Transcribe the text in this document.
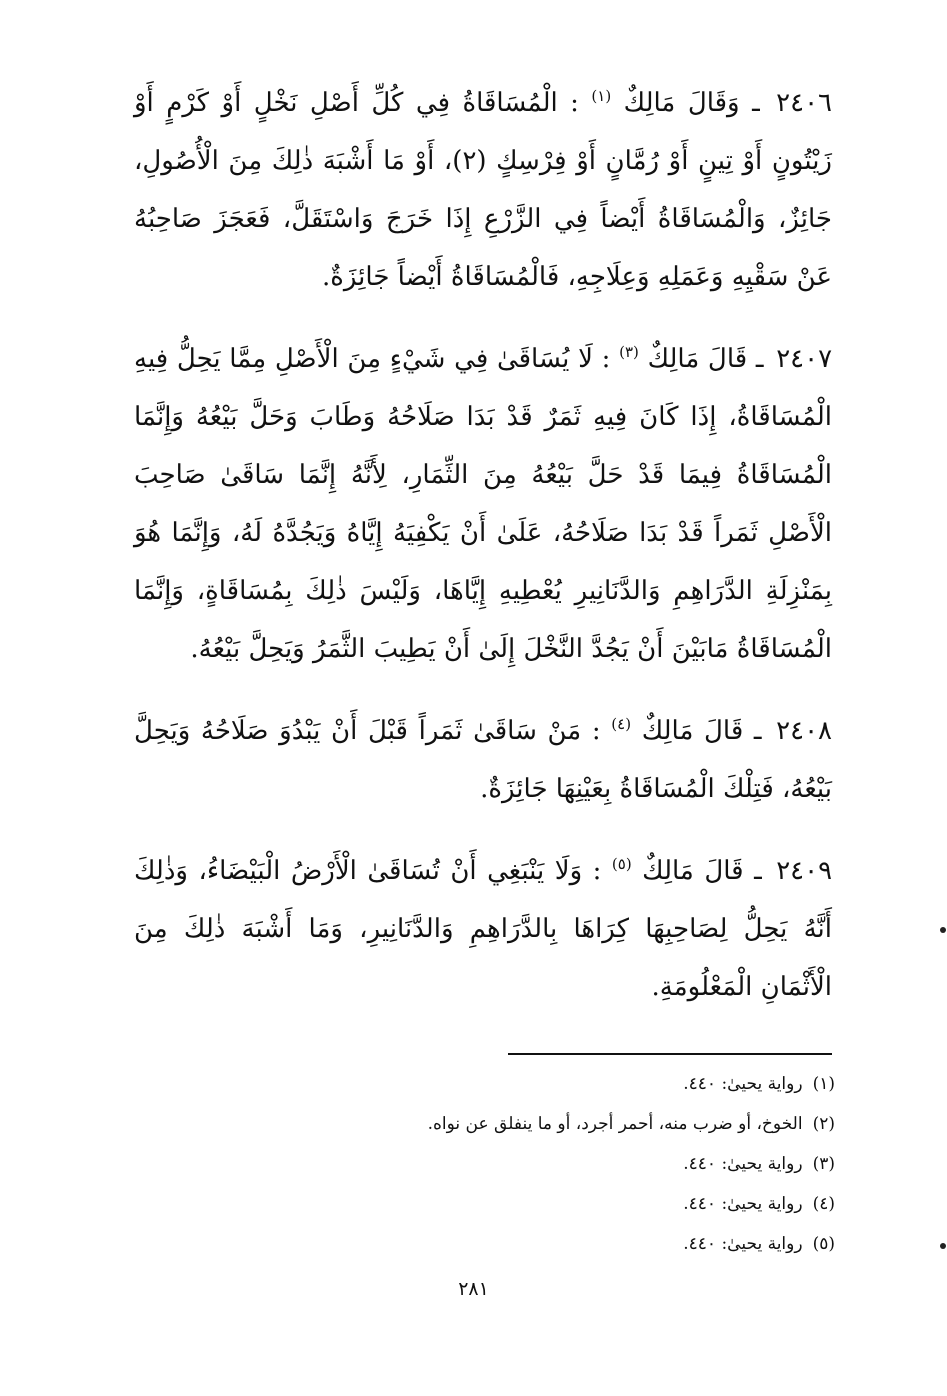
٢٤٠٦ ـ وَقَالَ مَالِكٌ $^{(١)}$ : الْمُسَاقَاةُ فِي كُلِّ أَصْلِ نَخْلٍ أَوْ كَرْمٍ أَوْ زَيْتُونٍ أَوْ تِينٍ أَوْ رُمَّانٍ أَوْ فِرْسِكٍ (٢)، أَوْ مَا أَشْبَهَ ذٰلِكَ مِنَ الْأُصُولِ، جَائِزٌ، وَالْمُسَاقَاةُ أَيْضاً فِي الزَّرْعِ إِذَا خَرَجَ وَاسْتَقَلَّ، فَعَجَزَ صَاحِبُهُ عَنْ سَقْيِهِ وَعَمَلِهِ وَعِلَاجِهِ، فَالْمُسَاقَاةُ أَيْضاً جَائِزَةٌ.

٢٤٠٧ ـ قَالَ مَالِكٌ $^{(٣)}$ : لَا يُسَاقَىٰ فِي شَيْءٍ مِنَ الْأَصْلِ مِمَّا يَحِلُّ فِيهِ الْمُسَاقَاةُ، إِذَا كَانَ فِيهِ ثَمَرٌ قَدْ بَدَا صَلَاحُهُ وَطَابَ وَحَلَّ بَيْعُهُ وَإِنَّمَا الْمُسَاقَاةُ فِيمَا قَدْ حَلَّ بَيْعُهُ مِنَ الثِّمَارِ، لِأَنَّهُ إِنَّمَا سَاقَىٰ صَاحِبَ الْأَصْلِ ثَمَراً قَدْ بَدَا صَلَاحُهُ، عَلَىٰ أَنْ يَكْفِيَهُ إِيَّاهُ وَيَجُدَّهُ لَهُ، وَإِنَّمَا هُوَ بِمَنْزِلَةِ الدَّرَاهِمِ وَالدَّنَانِيرِ يُعْطِيهِ إِيَّاهَا، وَلَيْسَ ذٰلِكَ بِمُسَاقَاةٍ، وَإِنَّمَا الْمُسَاقَاةُ مَابَيْنَ أَنْ يَجُدَّ النَّخْلَ إِلَىٰ أَنْ يَطِيبَ الثَّمَرُ وَيَحِلَّ بَيْعُهُ.

٢٤٠٨ ـ قَالَ مَالِكٌ $^{(٤)}$ : مَنْ سَاقَىٰ ثَمَراً قَبْلَ أَنْ يَبْدُوَ صَلَاحُهُ وَيَحِلَّ بَيْعُهُ، فَتِلْكَ الْمُسَاقَاةُ بِعَيْنِهَا جَائِزَةٌ.

٢٤٠٩ ـ قَالَ مَالِكٌ $^{(٥)}$ : وَلَا يَنْبَغِي أَنْ تُسَاقَىٰ الْأَرْضُ الْبَيْضَاءُ، وَذٰلِكَ أَنَّهُ يَحِلُّ لِصَاحِبِهَا كِرَاهَا بِالدَّرَاهِمِ وَالدَّنَانِيرِ، وَمَا أَشْبَهَ ذٰلِكَ مِنَ الْأَثْمَانِ الْمَعْلُومَةِ.

(١)رواية يحيىٰ: ٤٤٠.
(٢)الخوخ، أو ضرب منه، أحمر أجرد، أو ما ينفلق عن نواه.
(٣)رواية يحيىٰ: ٤٤٠.
(٤)رواية يحيىٰ: ٤٤٠.
(٥)رواية يحيىٰ: ٤٤٠.
٢٨١
